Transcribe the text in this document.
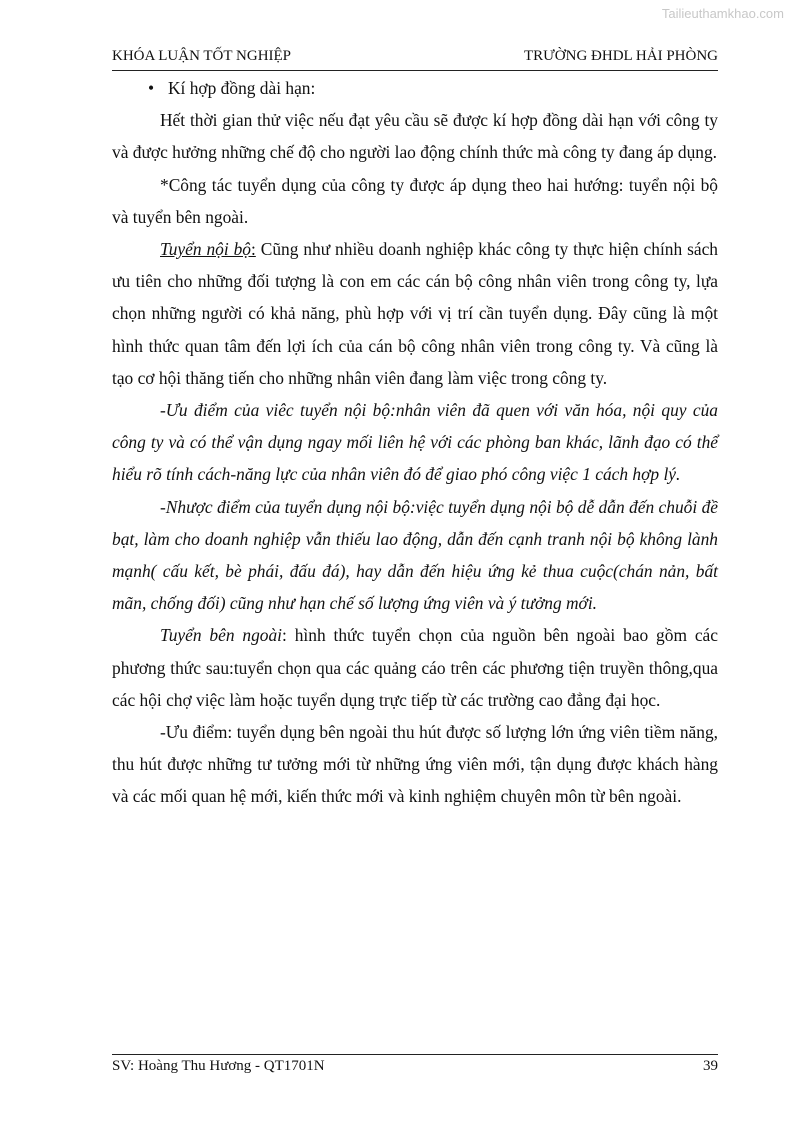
Tailieuthamkhao.com
KHÓA LUẬN TỐT NGHIỆP	TRƯỜNG ĐHDL HẢI PHÒNG

• Kí hợp đồng dài hạn:

Hết thời gian thử việc nếu đạt yêu cầu sẽ được kí hợp đồng dài hạn với công ty và được hưởng những chế độ cho người lao động chính thức mà công ty đang áp dụng.

*Công tác tuyển dụng của công ty được áp dụng theo hai hướng: tuyển nội bộ và tuyển bên ngoài.

Tuyển nội bộ: Cũng như nhiều doanh nghiệp khác công ty thực hiện chính sách ưu tiên cho những đối tượng là con em các cán bộ công nhân viên trong công ty, lựa chọn những người có khả năng, phù hợp với vị trí cần tuyển dụng. Đây cũng là một hình thức quan tâm đến lợi ích của cán bộ công nhân viên trong công ty. Và cũng là tạo cơ hội thăng tiến cho những nhân viên đang làm việc trong công ty.

-Ưu điểm của viêc tuyển nội bộ:nhân viên đã quen với văn hóa, nội quy của công ty và có thể vận dụng ngay mối liên hệ với các phòng ban khác, lãnh đạo có thể hiểu rõ tính cách-năng lực của nhân viên đó để giao phó công việc 1 cách hợp lý.

-Nhược điểm của tuyển dụng nội bộ:việc tuyển dụng nội bộ dễ dẫn đến chuỗi đề bạt, làm cho doanh nghiệp vẫn thiếu lao động, dẫn đến cạnh tranh nội bộ không lành mạnh( cấu kết, bè phái, đấu đá), hay dẫn đến hiệu ứng kẻ thua cuộc(chán nản, bất mãn, chống đối) cũng như hạn chế số lượng ứng viên và ý tưởng mới.

Tuyển bên ngoài: hình thức tuyển chọn của nguồn bên ngoài bao gồm các phương thức sau:tuyển chọn qua các quảng cáo trên các phương tiện truyền thông,qua các hội chợ việc làm hoặc tuyển dụng trực tiếp từ các trường cao đẳng đại học.

-Ưu điểm: tuyển dụng bên ngoài thu hút được số lượng lớn ứng viên tiềm năng, thu hút được những tư tưởng mới từ những ứng viên mới, tận dụng được khách hàng và các mối quan hệ mới, kiến thức mới và kinh nghiệm chuyên môn từ bên ngoài.

SV: Hoàng Thu Hương - QT1701N	39
